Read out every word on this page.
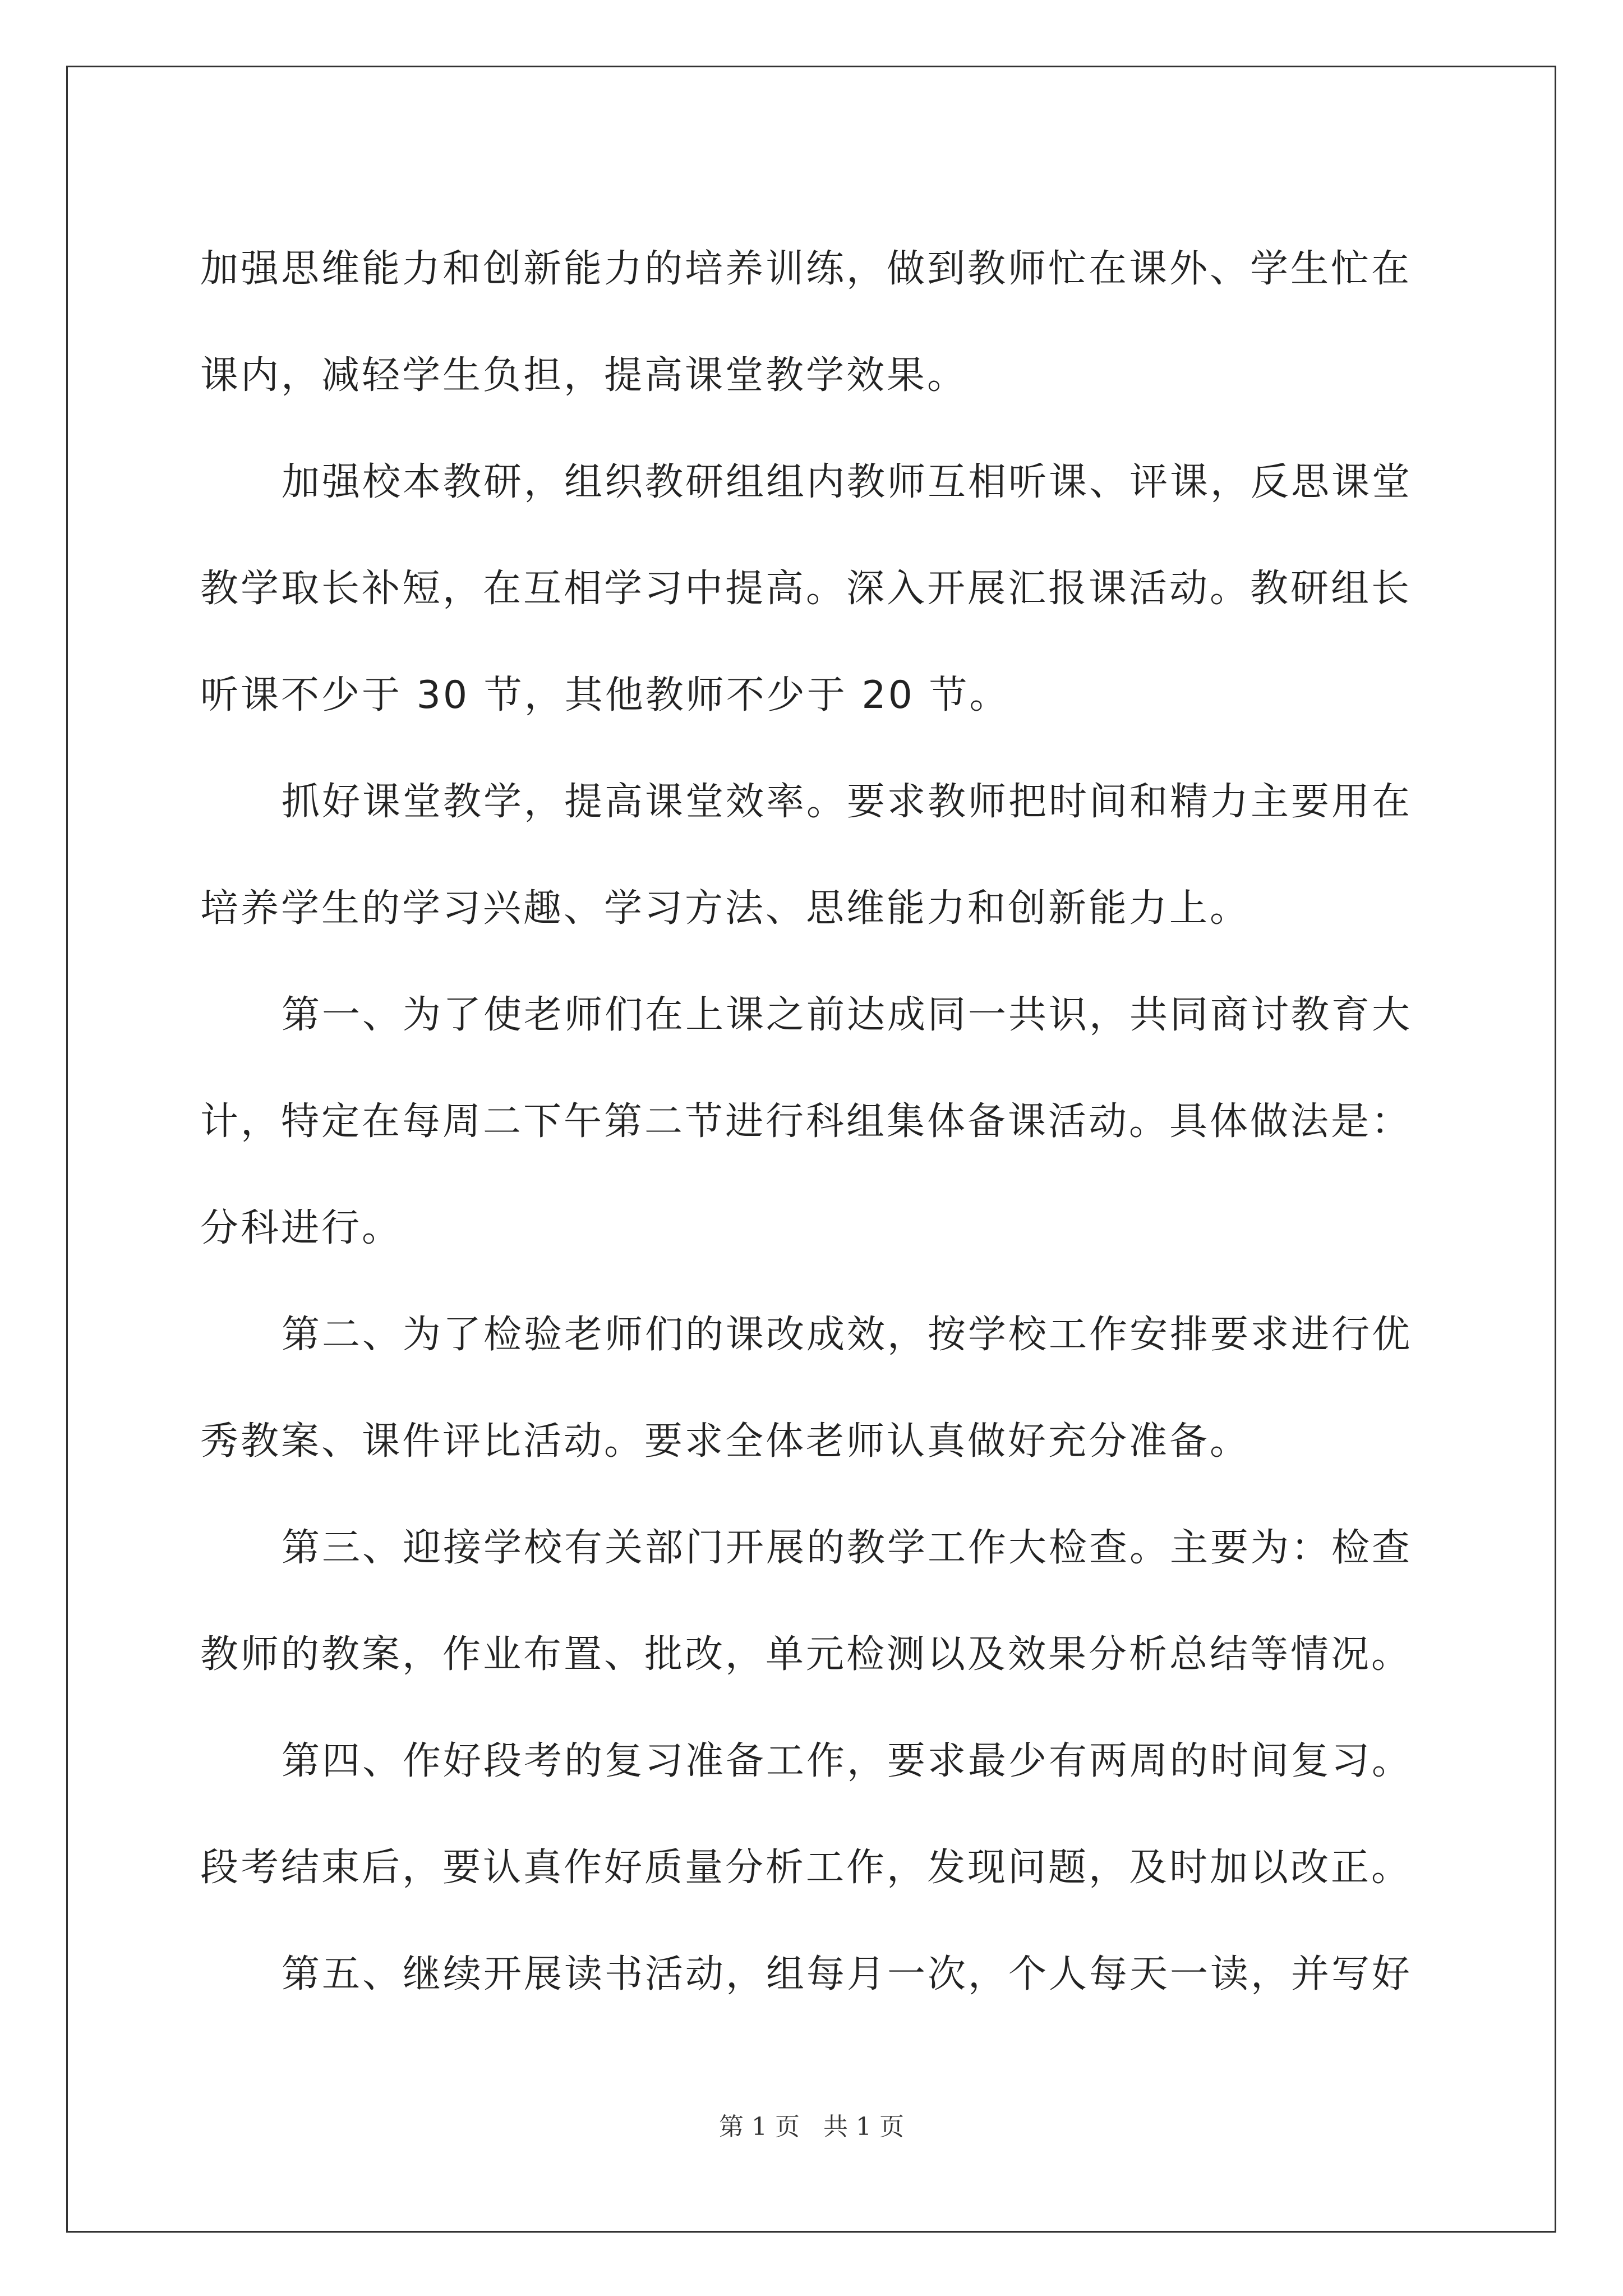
加强思维能力和创新能力的培养训练，做到教师忙在课外、学生忙在
课内，减轻学生负担，提高课堂教学效果。
加强校本教研，组织教研组组内教师互相听课、评课，反思课堂
教学取长补短，在互相学习中提高。深入开展汇报课活动。教研组长
听课不少于 30 节，其他教师不少于 20 节。
抓好课堂教学，提高课堂效率。要求教师把时间和精力主要用在
培养学生的学习兴趣、学习方法、思维能力和创新能力上。
第一、为了使老师们在上课之前达成同一共识，共同商讨教育大
计，特定在每周二下午第二节进行科组集体备课活动。具体做法是：
分科进行。
第二、为了检验老师们的课改成效，按学校工作安排要求进行优
秀教案、课件评比活动。要求全体老师认真做好充分准备。
第三、迎接学校有关部门开展的教学工作大检查。主要为：检查
教师的教案，作业布置、批改，单元检测以及效果分析总结等情况。
第四、作好段考的复习准备工作，要求最少有两周的时间复习。
段考结束后，要认真作好质量分析工作，发现问题，及时加以改正。
第五、继续开展读书活动，组每月一次，个人每天一读，并写好
第 1 页   共 1 页
